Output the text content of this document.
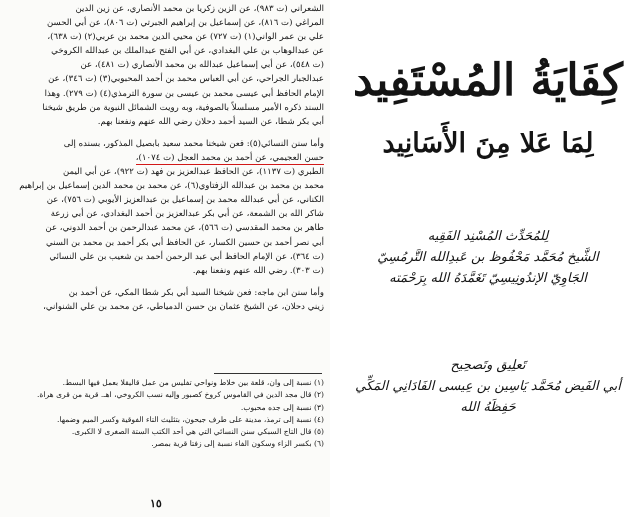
الشعراني (ت ٩٨٣)، عن الزين زكريا بن محمد الأنصاري، عن زين الدين
المراغي (ت ٨١٦)، عن إسماعيل بن إبراهيم الجبرتي (ت ٨٠٦)، عن أبي الحسن
علي بن عمر الواني(١) (ت ٧٢٧) عن محيي الدين محمد بن عربي(٢) (ت ٦٣٨)،
عن عبدالوهاب بن علي البغدادي، عن أبي الفتح عبدالملك بن عبدالله الكروخي
(ت ٥٤٨)، عن أبي إسماعيل عبدالله بن محمد الأنصاري (ت ٤٨١)، عن
عبدالجبار الجراحي، عن أبي العباس محمد بن أحمد المحبوبي(٣) (ت ٣٤٦)، عن
الإمام الحافظ أبي عيسى محمد بن عيسى بن سورة الترمذي(٤) (ت ٢٧٩). وهذا
السند ذكره الأمير مسلسلاً بالصوفية، وبه رويت الشمائل النبوية من طريق شيخنا
أبي بكر شطا، عن السيد أحمد دحلان رضي الله عنهم ونفعنا بهم.

وأما سنن النسائي(٥): فعن شيخنا محمد سعيد بابصيل المذكور، بسنده إلى
حسن العجيمي، عن أحمد بن محمد العجل (ت ١٠٧٤)،
الطبري (ت ١١٣٧)، عن الحافظ عبدالعزيز بن فهد (ت ٩٢٢)، عن أبي اليمن
محمد بن محمد بن عبدالله الزفتاوي(٦)، عن محمد بن محمد الدين إسماعيل بن إبراهيم
الكناني، عن أبي عبدالله محمد بن إسماعيل بن عبدالعزيز الأيوبي (ت ٧٥٦)، عن
شاكر الله بن الشمعة، عن أبي بكر عبدالعزيز بن أحمد البغدادي، عن أبي زرعة
طاهر بن محمد المقدسي (ت ٥٦٦)، عن محمد عبدالرحمن بن أحمد الدوني، عن
أبي نصر أحمد بن حسين الكسار، عن الحافظ أبي بكر أحمد بن محمد بن السني
(ت ٣٦٤)، عن الإمام الحافظ أبي عبد الرحمن أحمد بن شعيب بن علي النسائي
(ت ٣٠٣). رضي الله عنهم ونفعنا بهم.

وأما سنن ابن ماجه: فعن شيخنا السيد أبي بكر شطا المكي، عن أحمد بن
زيني دحلان، عن الشيخ عثمان بن حسن الدمياطي، عن محمد بن علي الشنواني،

(١) نسبة إلى وان، قلعة بين خلاط ونواحي تفليس من عمل قاليقلا بعمل فيها البسط.
(٢) قال مجد الدين في القاموس كروخ كصبور وإليه نسب الكروخي، اهـ. قرية من قرى هراة.
(٣) نسبة إلى جده محبوب.
(٤) نسبة إلى ترمذ، مدينة على طرف جيحون، بتثليث التاء الفوقية وكسر الميم وضمها.
(٥) قال التاج السبكي سنن النسائي التي هي أحد الكتب الستة الصغرى لا الكبرى.
(٦) بكسر الزاء وسكون الفاء نسبة إلى زفتا قرية بمصر.
١٥
كِفَايَةُ المُسْتَفِيد
لِمَا عَلا مِنَ الأَسَانِيد
لِلمُحَدِّث المُسْنِد الفَقِيه
الشَّيخ مُحَمَّد مَحْفُوظ بن عَبدِالله التَّرمُسِيّ
الجَاوِيّ الإندُونِيسِيّ تَغَمَّدَهُ الله بِرَحْمَته
تَعلِيق وتَصحِيح
أبي الفَيض مُحَمَّد يَاسِين بن عِيسى الفَادَانِي المَكِّي
حَفِظَهُ الله
